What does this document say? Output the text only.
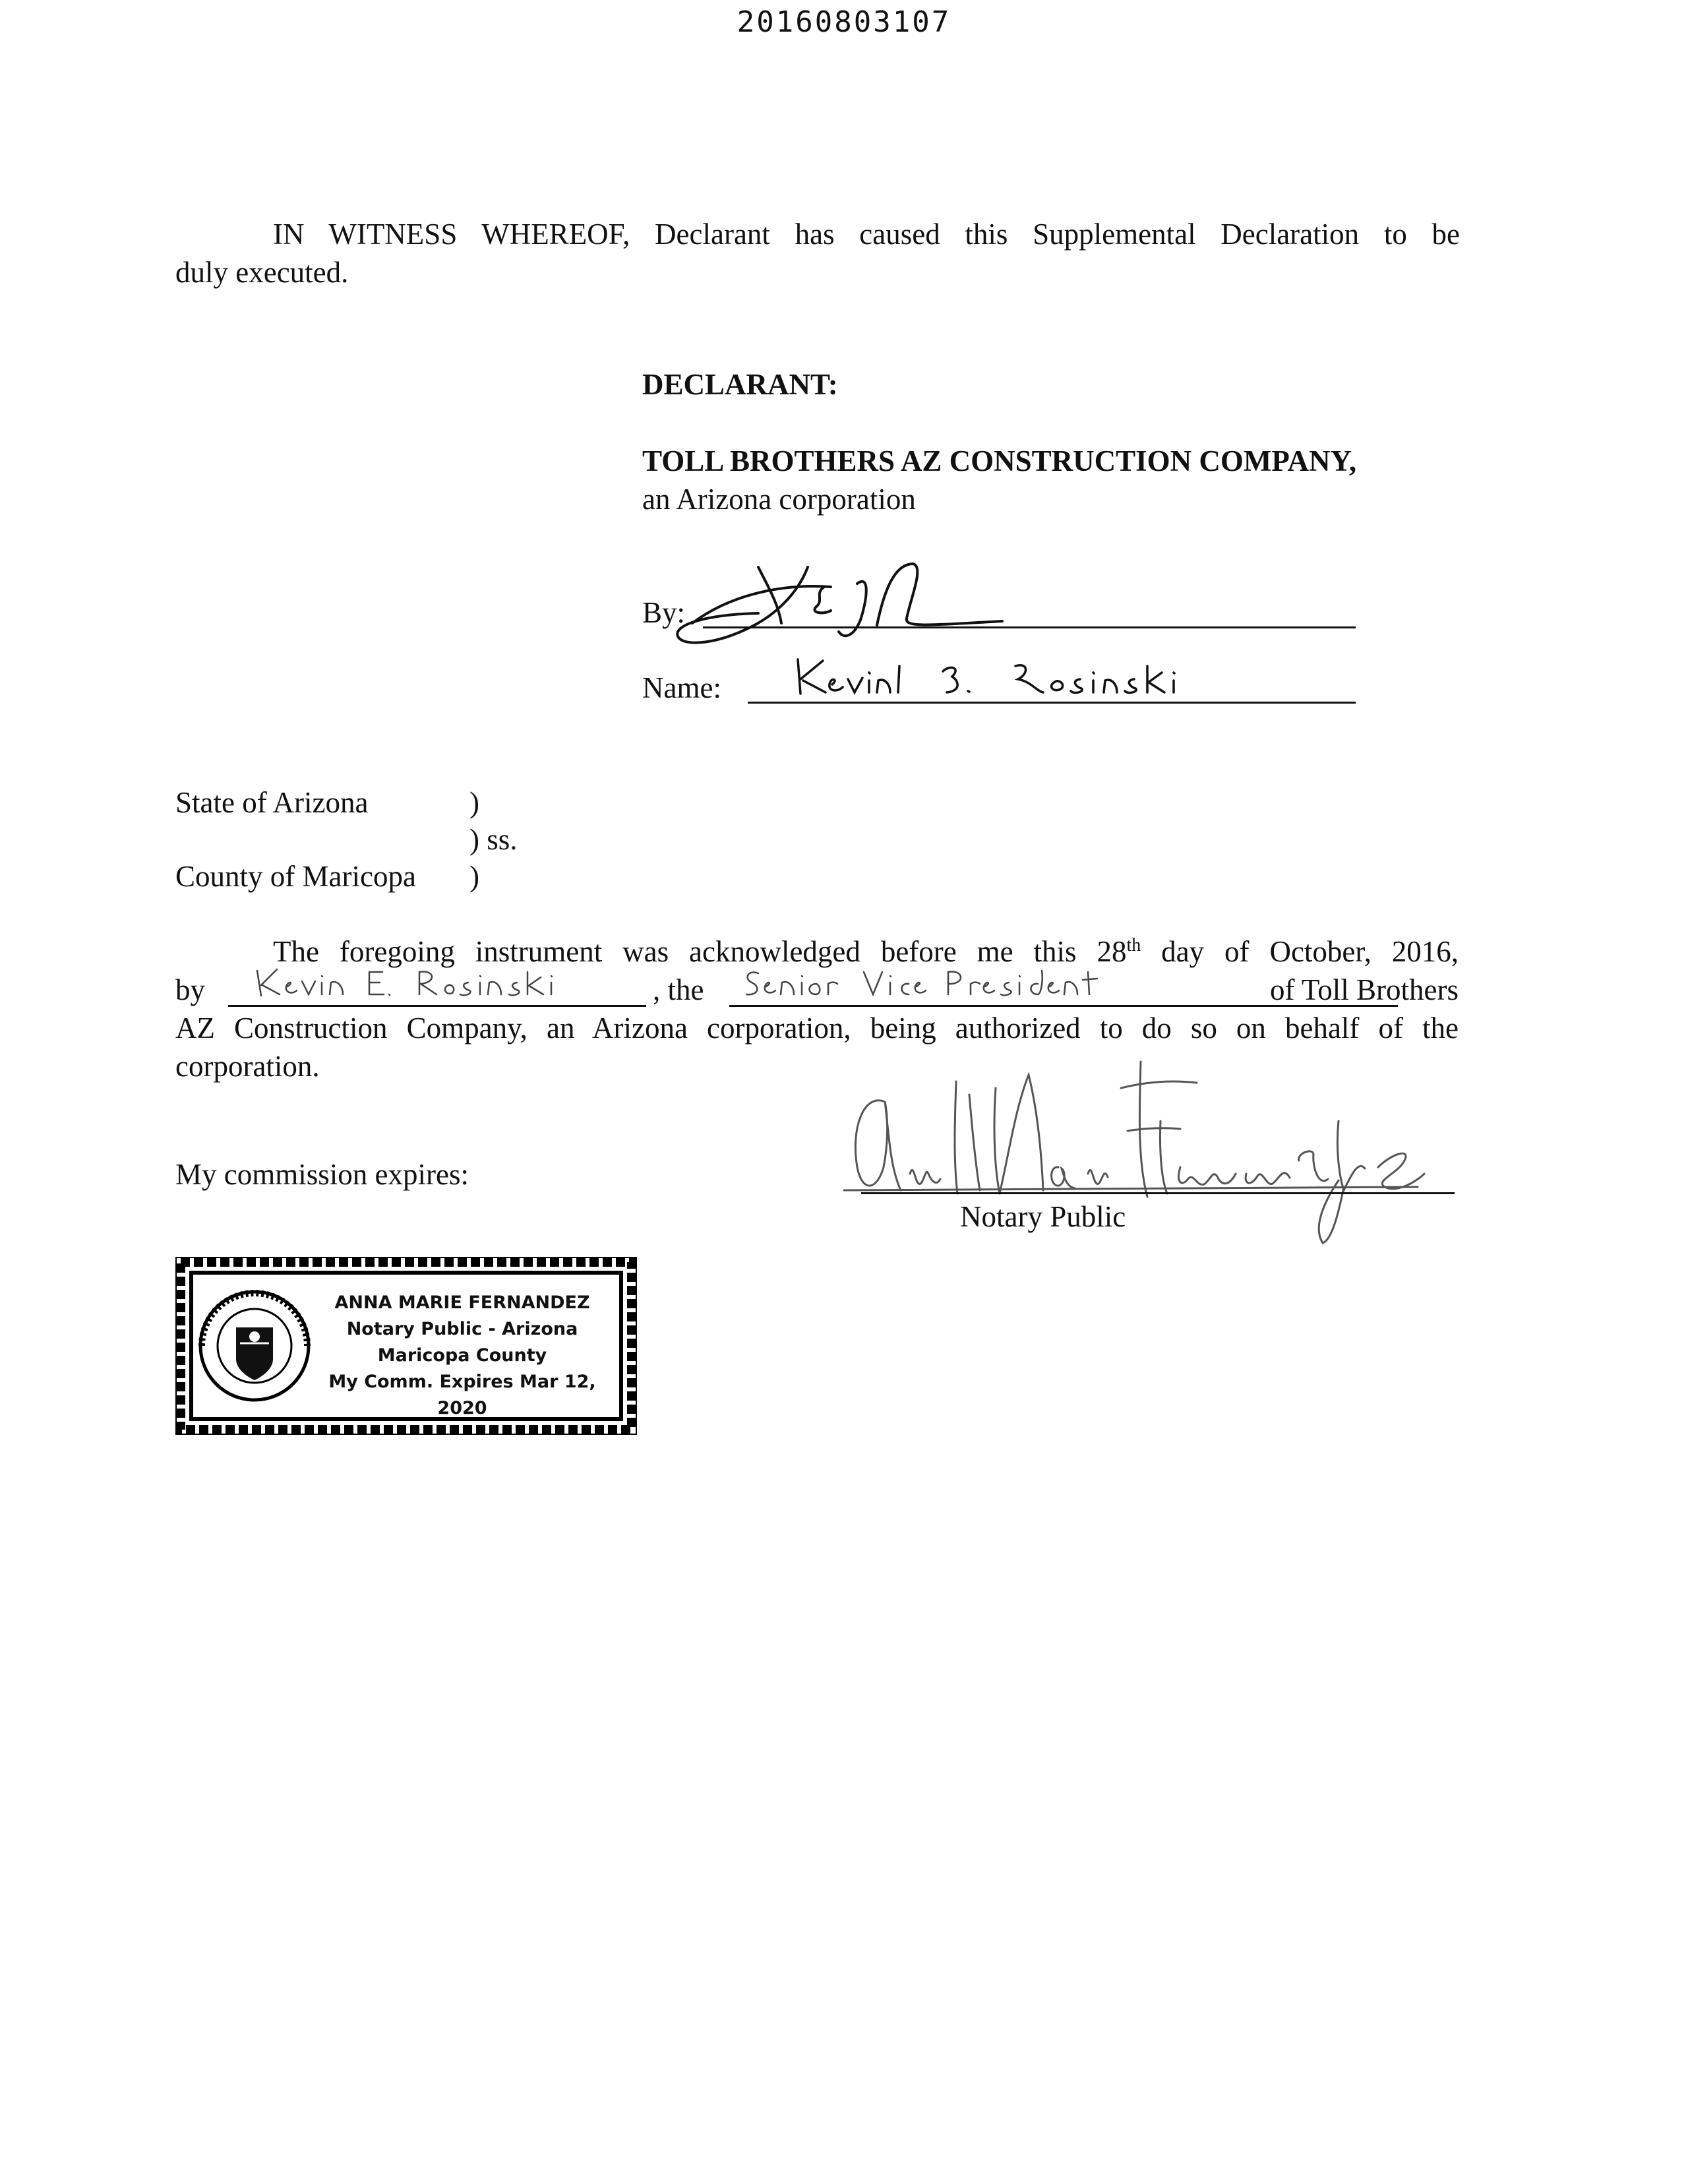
20160803107
IN WITNESS WHEREOF, Declarant has caused this Supplemental Declaration to be
duly executed.
DECLARANT:
TOLL BROTHERS AZ CONSTRUCTION COMPANY,
an Arizona corporation
By:
Name:
State of Arizona	)
) ss.
County of Maricopa )
The foregoing instrument was acknowledged before me this 28th day of October, 2016,
by	, the	of Toll Brothers
AZ Construction Company, an Arizona corporation, being authorized to do so on behalf of the
corporation.
My commission expires:
Notary Public
ANNA MARIE FERNANDEZ
Notary Public - Arizona
Maricopa County
My Comm. Expires Mar 12, 2020
